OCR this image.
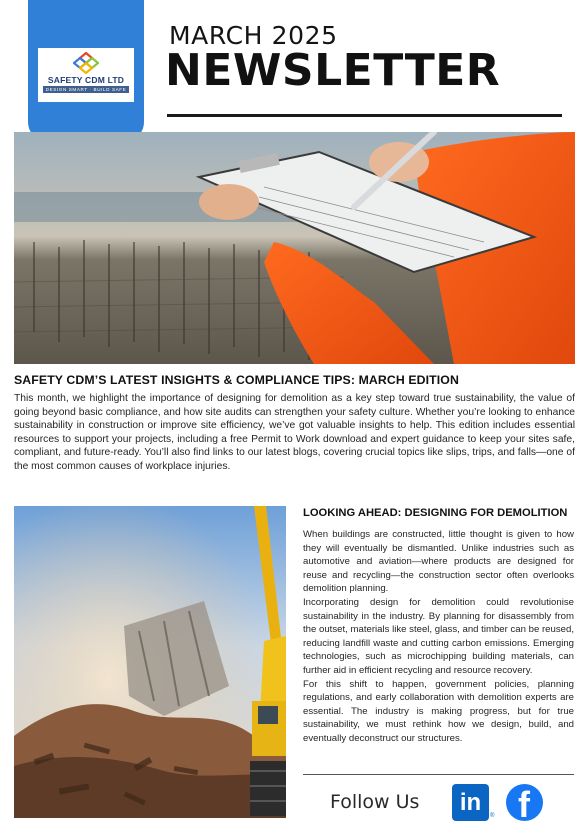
SAFETY CDM LTD
DESIGN SMART · BUILD SAFE
MARCH 2025
NEWSLETTER
SAFETY CDM’S LATEST INSIGHTS & COMPLIANCE TIPS: MARCH EDITION
This month, we highlight the importance of designing for demolition as a key step toward true sustainability, the value of going beyond basic compliance, and how site audits can strengthen your safety culture. Whether you’re looking to enhance sustainability in construction or improve site efficiency, we’ve got valuable insights to help. This edition includes essential resources to support your projects, including a free Permit to Work download and expert guidance to keep your sites safe, compliant, and future-ready. You’ll also find links to our latest blogs, covering crucial topics like slips, trips, and falls—one of the most common causes of workplace injuries.
LOOKING AHEAD: DESIGNING FOR DEMOLITION

When buildings are constructed, little thought is given to how they will eventually be dismantled. Unlike industries such as automotive and aviation—where products are designed for reuse and recycling—the construction sector often overlooks demolition planning.

Incorporating design for demolition could revolutionise sustainability in the industry. By planning for disassembly from the outset, materials like steel, glass, and timber can be reused, reducing landfill waste and cutting carbon emissions. Emerging technologies, such as microchipping building materials, can further aid in efficient recycling and resource recovery.

For this shift to happen, government policies, planning regulations, and early collaboration with demolition experts are essential. The industry is making progress, but for true sustainability, we must rethink how we design, build, and eventually deconstruct our structures.

Follow Us in
® f
